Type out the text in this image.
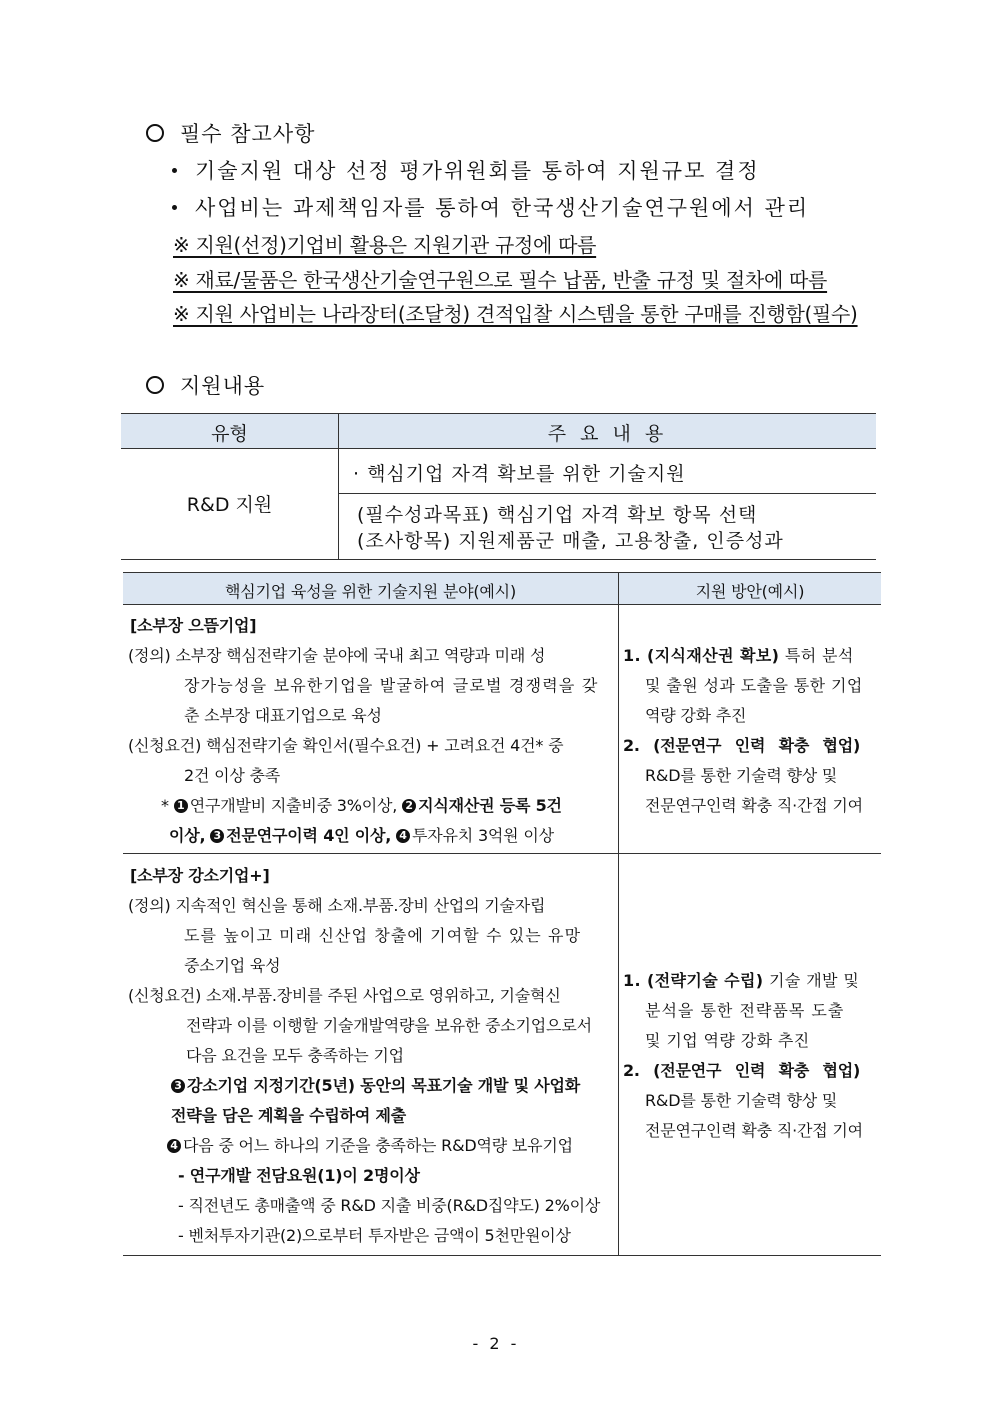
필수 참고사항
기술지원 대상 선정 평가위원회를 통하여 지원규모 결정
사업비는 과제책임자를 통하여 한국생산기술연구원에서 관리
※ 지원(선정)기업비 활용은 지원기관 규정에 따름
※ 재료/물품은 한국생산기술연구원으로 필수 납품, 반출 규정 및 절차에 따름
※ 지원 사업비는 나라장터(조달청) 견적입찰 시스템을 통한 구매를 진행함(필수)
지원내용
유형	주 요 내 용
R&D 지원
· 핵심기업 자격 확보를 위한 기술지원
(필수성과목표) 핵심기업 자격 확보 항목 선택
(조사항목) 지원제품군 매출, 고용창출, 인증성과
핵심기업 육성을 위한 기술지원 분야(예시)	지원 방안(예시)
[소부장 으뜸기업]
(정의) 소부장 핵심전략기술 분야에 국내 최고 역량과 미래 성
장가능성을 보유한기업을 발굴하여 글로벌 경쟁력을 갖
춘 소부장 대표기업으로 육성
(신청요건) 핵심전략기술 확인서(필수요건) + 고려요건 4건* 중
2건 이상 충족
* 1 연구개발비 지출비중 3%이상, 2 지식재산권 등록 5건
이상, 3 전문연구이력 4인 이상, 4 투자유치 3억원 이상
1. (지식재산권 확보) 특허 분석
및 출원 성과 도출을 통한 기업
역량 강화 추진
2. (전문연구 인력 확충 협업)
R&D를 통한 기술력 향상 및
전문연구인력 확충 직·간접 기여
[소부장 강소기업+]
(정의) 지속적인 혁신을 통해 소재.부품.장비 산업의 기술자립
도를 높이고 미래 신산업 창출에 기여할 수 있는 유망
중소기업 육성
(신청요건) 소재.부품.장비를 주된 사업으로 영위하고, 기술혁신
전략과 이를 이행할 기술개발역량을 보유한 중소기업으로서
다음 요건을 모두 충족하는 기업
3 강소기업 지정기간(5년) 동안의 목표기술 개발 및 사업화
전략을 담은 계획을 수립하여 제출
4 다음 중 어느 하나의 기준을 충족하는 R&D역량 보유기업
- 연구개발 전담요원(1)이 2명이상
- 직전년도 총매출액 중 R&D 지출 비중(R&D집약도) 2%이상
- 벤처투자기관(2)으로부터 투자받은 금액이 5천만원이상
1. (전략기술 수립) 기술 개발 및
분석을 통한 전략품목 도출
및 기업 역량 강화 추진
2. (전문연구 인력 확충 협업)
R&D를 통한 기술력 향상 및
전문연구인력 확충 직·간접 기여
- 2 -
